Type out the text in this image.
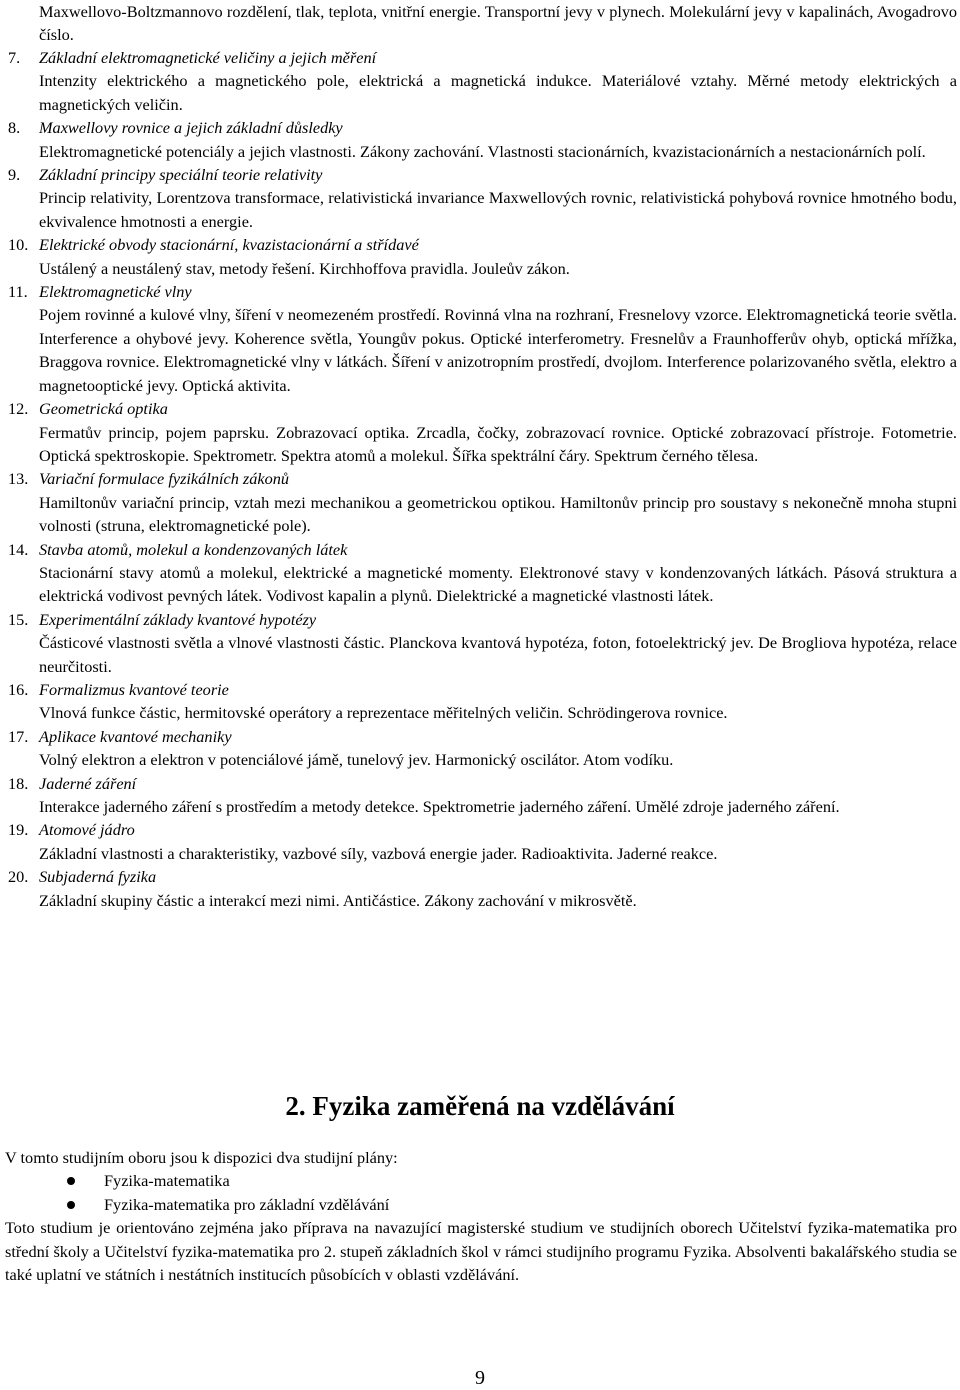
Maxwellovo-Boltzmannovo rozdělení, tlak, teplota, vnitřní energie. Transportní jevy v plynech. Molekulární jevy v kapalinách, Avogadrovo číslo.

7. Základní elektromagnetické veličiny a jejich měření
Intenzity elektrického a magnetického pole, elektrická a magnetická indukce. Materiálové vztahy. Měrné metody elektrických a magnetických veličin.
8. Maxwellovy rovnice a jejich základní důsledky
Elektromagnetické potenciály a jejich vlastnosti. Zákony zachování. Vlastnosti stacionárních, kvazistacionárních a nestacionárních polí.
9. Základní principy speciální teorie relativity
Princip relativity, Lorentzova transformace, relativistická invariance Maxwellových rovnic, relativistická pohybová rovnice hmotného bodu, ekvivalence hmotnosti a energie.
10. Elektrické obvody stacionární, kvazistacionární a střídavé
Ustálený a neustálený stav, metody řešení. Kirchhoffova pravidla. Jouleův zákon.
11. Elektromagnetické vlny
Pojem rovinné a kulové vlny, šíření v neomezeném prostředí. Rovinná vlna na rozhraní, Fresnelovy vzorce. Elektromagnetická teorie světla. Interference a ohybové jevy. Koherence světla, Youngův pokus. Optické interferometry. Fresnelův a Fraunhofferův ohyb, optická mřížka, Braggova rovnice. Elektromagnetické vlny v látkách. Šíření v anizotropním prostředí, dvojlom. Interference polarizovaného světla, elektro a magnetooptické jevy. Optická aktivita.
12. Geometrická optika
Fermatův princip, pojem paprsku. Zobrazovací optika. Zrcadla, čočky, zobrazovací rovnice. Optické zobrazovací přístroje. Fotometrie. Optická spektroskopie. Spektrometr. Spektra atomů a molekul. Šířka spektrální čáry. Spektrum černého tělesa.
13. Variační formulace fyzikálních zákonů
Hamiltonův variační princip, vztah mezi mechanikou a geometrickou optikou. Hamiltonův princip pro soustavy s nekonečně mnoha stupni volnosti (struna, elektromagnetické pole).
14. Stavba atomů, molekul a kondenzovaných látek
Stacionární stavy atomů a molekul, elektrické a magnetické momenty. Elektronové stavy v kondenzovaných látkách. Pásová struktura a elektrická vodivost pevných látek. Vodivost kapalin a plynů. Dielektrické a magnetické vlastnosti látek.
15. Experimentální základy kvantové hypotézy
Částicové vlastnosti světla a vlnové vlastnosti částic. Planckova kvantová hypotéza, foton, fotoelektrický jev. De Brogliova hypotéza, relace neurčitosti.
16. Formalizmus kvantové teorie
Vlnová funkce částic, hermitovské operátory a reprezentace měřitelných veličin. Schrödingerova rovnice.
17. Aplikace kvantové mechaniky
Volný elektron a elektron v potenciálové jámě, tunelový jev. Harmonický oscilátor. Atom vodíku.
18. Jaderné záření
Interakce jaderného záření s prostředím a metody detekce. Spektrometrie jaderného záření. Umělé zdroje jaderného záření.
19. Atomové jádro
Základní vlastnosti a charakteristiky, vazbové síly, vazbová energie jader. Radioaktivita. Jaderné reakce.
20. Subjaderná fyzika
Základní skupiny částic a interakcí mezi nimi. Antičástice. Zákony zachování v mikrosvětě.
2. Fyzika zaměřená na vzdělávání

V tomto studijním oboru jsou k dispozici dva studijní plány:

Fyzika-matematika
Fyzika-matematika pro základní vzdělávání

Toto studium je orientováno zejména jako příprava na navazující magisterské studium ve studijních oborech Učitelství fyzika-matematika pro střední školy a Učitelství fyzika-matematika pro 2. stupeň základních škol v rámci studijního programu Fyzika. Absolventi bakalářského studia se také uplatní ve státních i nestátních institucích působících v oblasti vzdělávání.

9
